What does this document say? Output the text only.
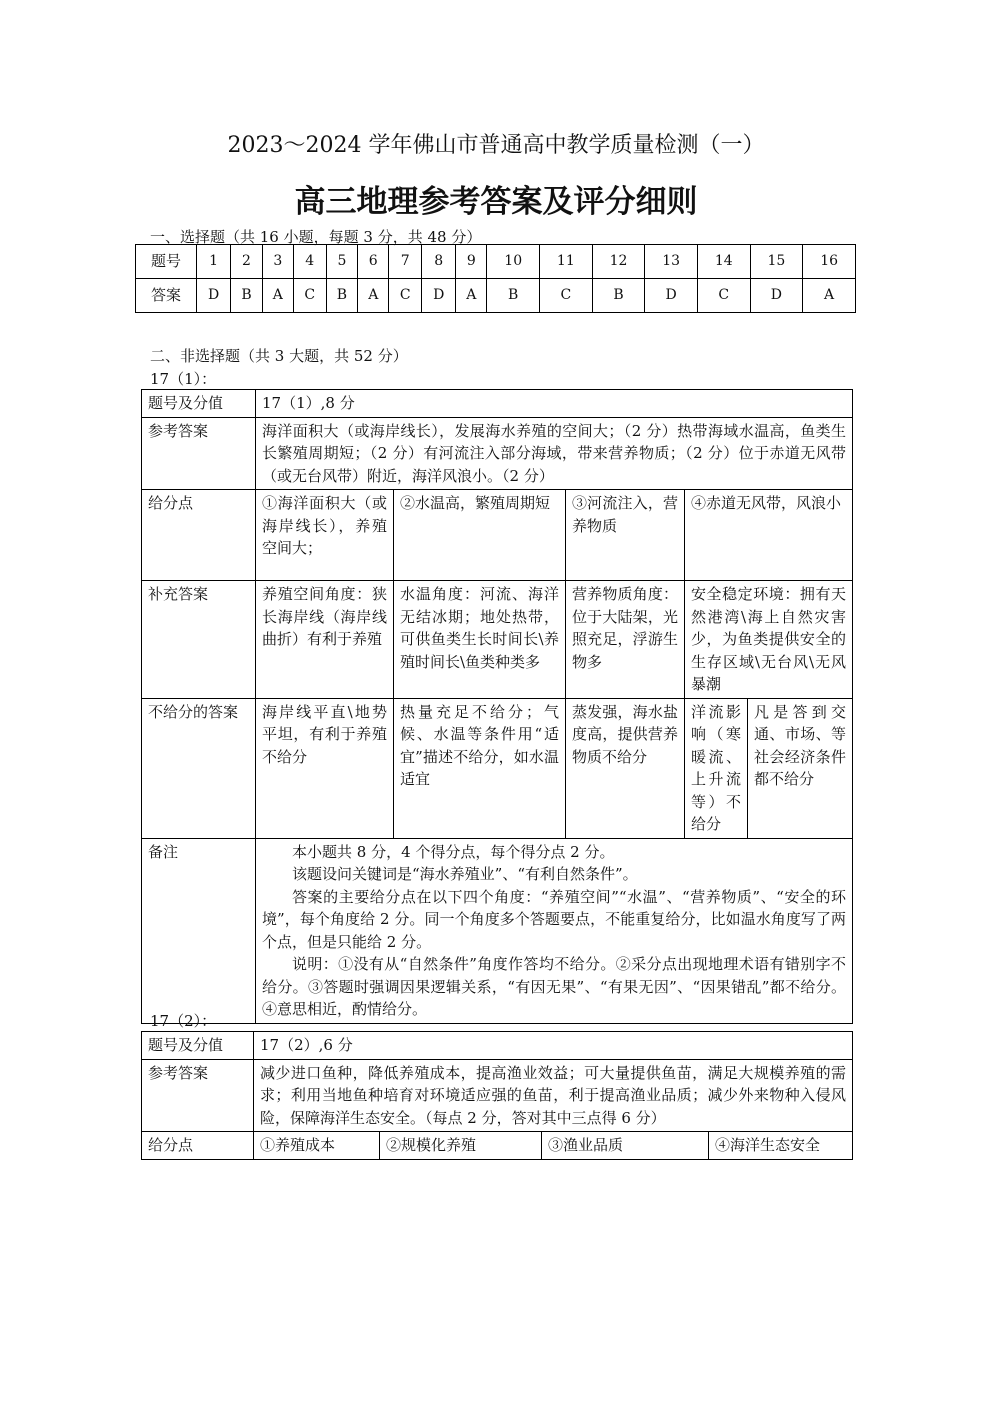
2023～2024 学年佛山市普通高中教学质量检测（一）
高三地理参考答案及评分细则
一、选择题（共 16 小题，每题 3 分，共 48 分）
题号	1	2	3	4	5	6	7	8	9	10	11	12	13	14	15	16
答案	D	B	A	C	B	A	C	D	A	B	C	B	D	C	D	A
二、非选择题（共 3 大题，共 52 分）
17（1）：
题号及分值	17（1）,8 分				
参考答案	海洋面积大（或海岸线长），发展海水养殖的空间大；（2 分）热带海域水温高，鱼类生长繁殖周期短；（2 分）有河流注入部分海域，带来营养物质；（2 分）位于赤道无风带（或无台风带）附近，海洋风浪小。（2 分）				
给分点	①海洋面积大（或海岸线长），养殖空间大；	②水温高，繁殖周期短	③河流注入，营养物质	④赤道无风带，风浪小	
补充答案	养殖空间角度：狭长海岸线（海岸线曲折）有利于养殖	水温角度：河流、海洋无结冰期；地处热带，可供鱼类生长时间长\养殖时间长\鱼类种类多	营养物质角度：位于大陆架，光照充足，浮游生物多	安全稳定环境：拥有天然港湾\海上自然灾害少，为鱼类提供安全的生存区域\无台风\无风暴潮	
不给分的答案	海岸线平直\地势平坦，有利于养殖不给分	热量充足不给分；气候、水温等条件用“适宜”描述不给分，如水温适宜	蒸发强，海水盐度高，提供营养物质不给分	洋流影响（寒暖流、上升流等）不给分	凡是答到交通、市场、等社会经济条件都不给分
备注	本小题共 8 分，4 个得分点，每个得分点 2 分。

该题设问关键词是“海水养殖业”、“有利自然条件”。

答案的主要给分点在以下四个角度：“养殖空间”“水温”、“营养物质”、“安全的环境”，每个角度给 2 分。同一个角度多个答题要点，不能重复给分，比如温水角度写了两个点，但是只能给 2 分。

说明：①没有从“自然条件”角度作答均不给分。②采分点出现地理术语有错别字不给分。③答题时强调因果逻辑关系，“有因无果”、“有果无因”、“因果错乱”都不给分。④意思相近，酌情给分。				

17（2）：
题号及分值	17（2）,6 分			
参考答案	减少进口鱼种，降低养殖成本，提高渔业效益；可大量提供鱼苗，满足大规模养殖的需求；利用当地鱼种培育对环境适应强的鱼苗，利于提高渔业品质；减少外来物种入侵风险，保障海洋生态安全。（每点 2 分，答对其中三点得 6 分）			
给分点	①养殖成本	②规模化养殖	③渔业品质	④海洋生态安全
